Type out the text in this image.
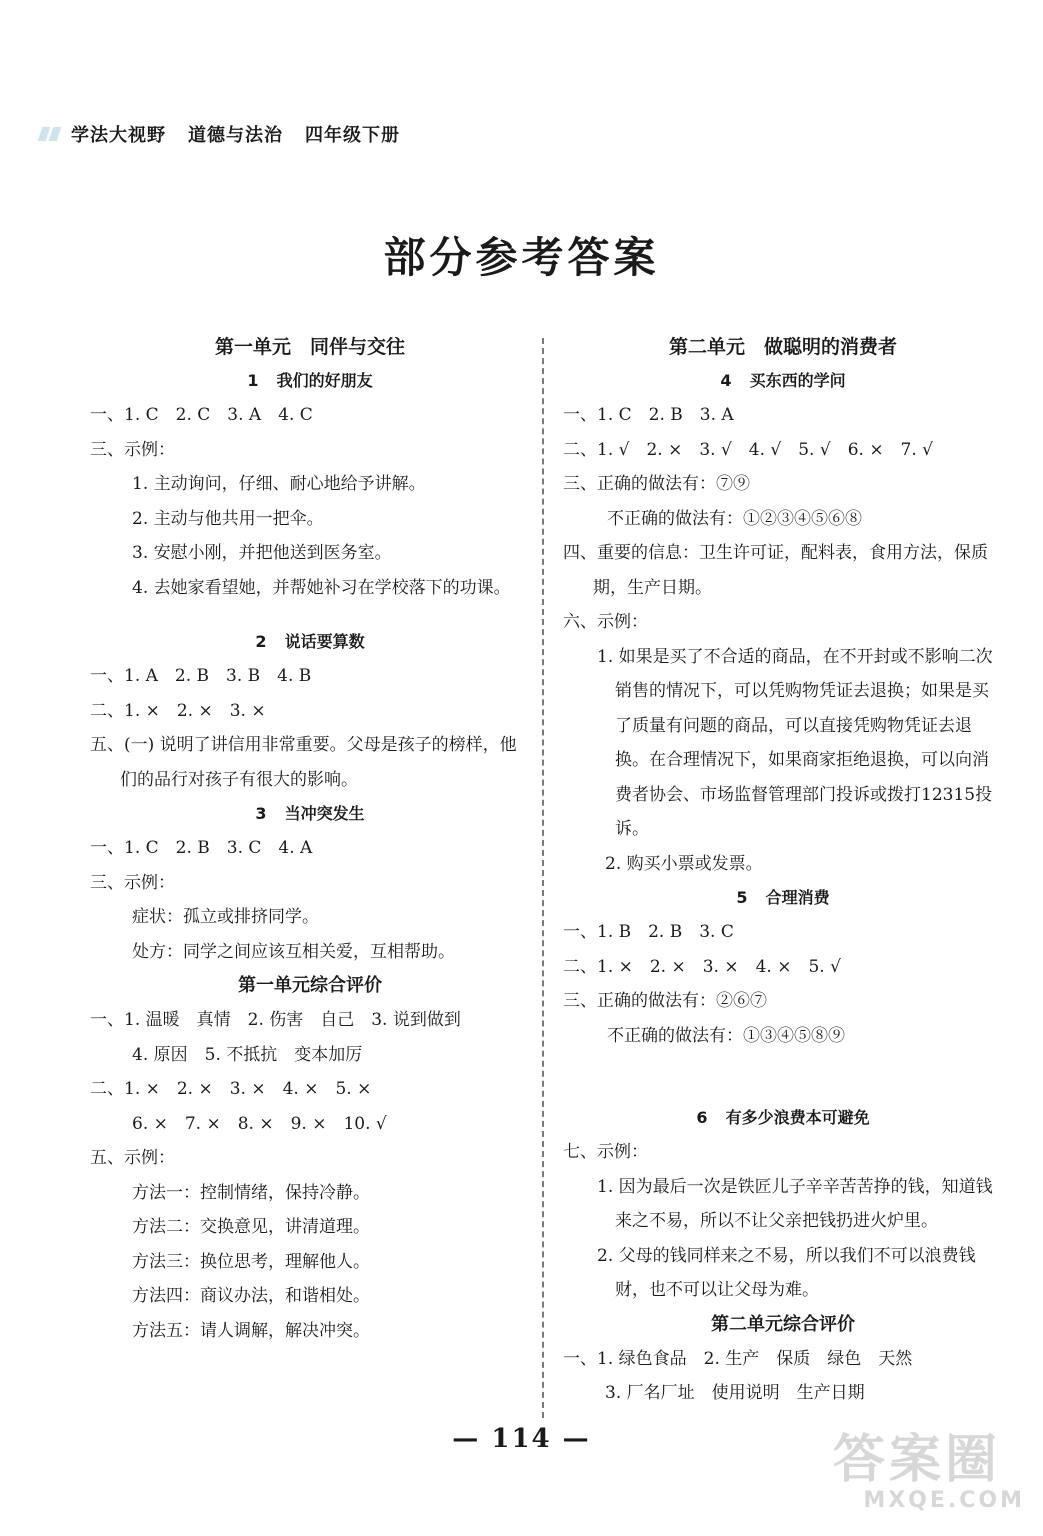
学法大视野 道德与法治 四年级下册
部分参考答案
第一单元　同伴与交往
1 我们的好朋友
一、1. C　2. C　3. A　4. C
三、示例：
1. 主动询问，仔细、耐心地给予讲解。
2. 主动与他共用一把伞。
3. 安慰小刚，并把他送到医务室。
4. 去她家看望她，并帮她补习在学校落下的功课。
2 说话要算数
一、1. A　2. B　3. B　4. B
二、1. ×　2. ×　3. ×
五、(一) 说明了讲信用非常重要。父母是孩子的榜样，他们的品行对孩子有很大的影响。
3 当冲突发生
一、1. C　2. B　3. C　4. A
三、示例：
症状：孤立或排挤同学。
处方：同学之间应该互相关爱，互相帮助。
第一单元综合评价
一、1. 温暖　真情　2. 伤害　自己　3. 说到做到
4. 原因　5. 不抵抗　变本加厉
二、1. ×　2. ×　3. ×　4. ×　5. ×
6. ×　7. ×　8. ×　9. ×　10. √
五、示例：
方法一：控制情绪，保持冷静。
方法二：交换意见，讲清道理。
方法三：换位思考，理解他人。
方法四：商议办法，和谐相处。
方法五：请人调解，解决冲突。
第二单元　做聪明的消费者
4 买东西的学问
一、1. C　2. B　3. A
二、1. √　2. ×　3. √　4. √　5. √　6. ×　7. √
三、正确的做法有：⑦⑨
不正确的做法有：①②③④⑤⑥⑧
四、重要的信息：卫生许可证，配料表，食用方法，保质期，生产日期。
六、示例：
1. 如果是买了不合适的商品，在不开封或不影响二次销售的情况下，可以凭购物凭证去退换；如果是买了质量有问题的商品，可以直接凭购物凭证去退换。在合理情况下，如果商家拒绝退换，可以向消费者协会、市场监督管理部门投诉或拨打12315投诉。
2. 购买小票或发票。
5 合理消费
一、1. B　2. B　3. C
二、1. ×　2. ×　3. ×　4. ×　5. √
三、正确的做法有：②⑥⑦
不正确的做法有：①③④⑤⑧⑨
6 有多少浪费本可避免
七、示例：
1. 因为最后一次是铁匠儿子辛辛苦苦挣的钱，知道钱来之不易，所以不让父亲把钱扔进火炉里。
2. 父母的钱同样来之不易，所以我们不可以浪费钱财，也不可以让父母为难。
第二单元综合评价
一、1. 绿色食品　2. 生产　保质　绿色　天然
3. 厂名厂址　使用说明　生产日期
— 114 —	答案圈
MXQE.COM
